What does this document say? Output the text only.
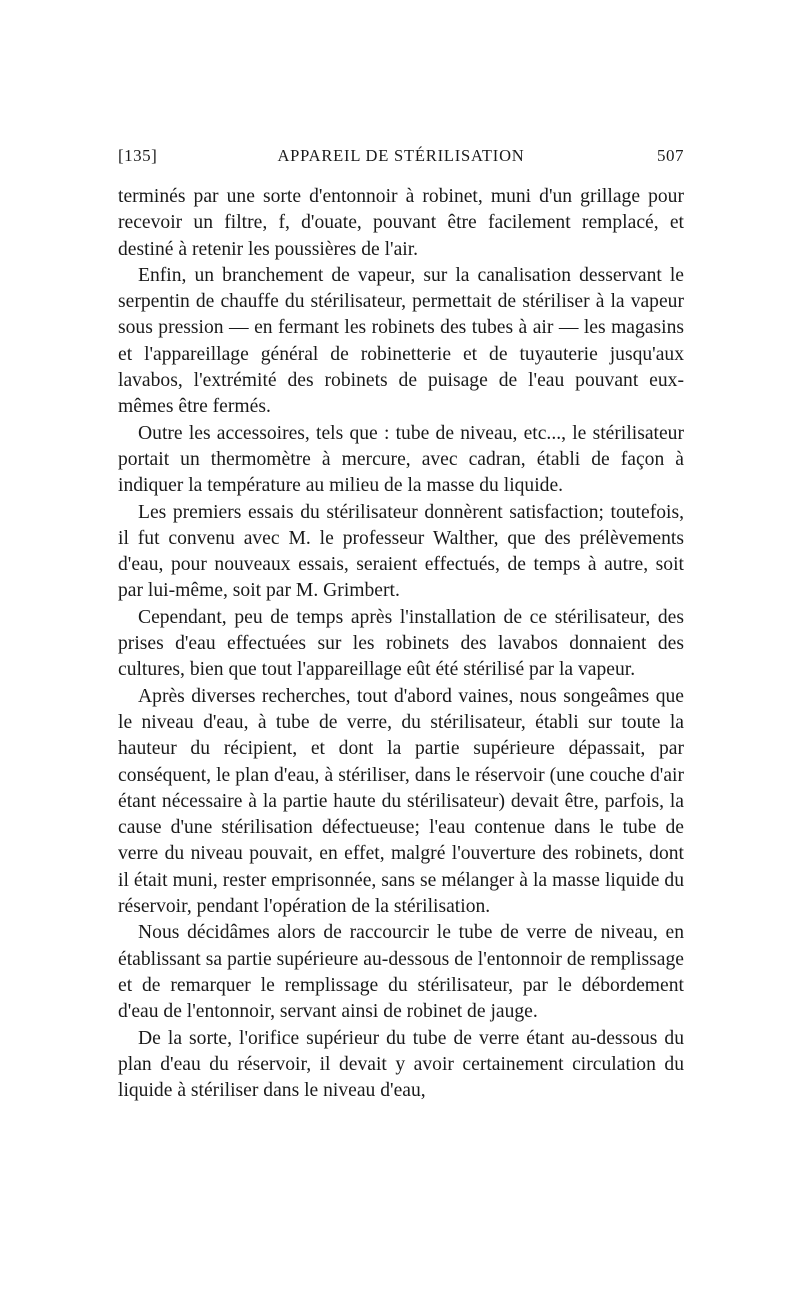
[135]	APPAREIL DE STÉRILISATION	507

terminés par une sorte d'entonnoir à robinet, muni d'un grillage pour recevoir un filtre, f, d'ouate, pouvant être facilement remplacé, et destiné à retenir les poussières de l'air.

Enfin, un branchement de vapeur, sur la canalisation desservant le serpentin de chauffe du stérilisateur, permettait de stériliser à la vapeur sous pression — en fermant les robinets des tubes à air — les magasins et l'appareillage général de robinetterie et de tuyauterie jusqu'aux lavabos, l'extrémité des robinets de puisage de l'eau pouvant eux-mêmes être fermés.

Outre les accessoires, tels que : tube de niveau, etc..., le stérilisateur portait un thermomètre à mercure, avec cadran, établi de façon à indiquer la température au milieu de la masse du liquide.

Les premiers essais du stérilisateur donnèrent satisfaction; toutefois, il fut convenu avec M. le professeur Walther, que des prélèvements d'eau, pour nouveaux essais, seraient effectués, de temps à autre, soit par lui-même, soit par M. Grimbert.

Cependant, peu de temps après l'installation de ce stérilisateur, des prises d'eau effectuées sur les robinets des lavabos donnaient des cultures, bien que tout l'appareillage eût été stérilisé par la vapeur.

Après diverses recherches, tout d'abord vaines, nous songeâmes que le niveau d'eau, à tube de verre, du stérilisateur, établi sur toute la hauteur du récipient, et dont la partie supérieure dépassait, par conséquent, le plan d'eau, à stériliser, dans le réservoir (une couche d'air étant nécessaire à la partie haute du stérilisateur) devait être, parfois, la cause d'une stérilisation défectueuse; l'eau contenue dans le tube de verre du niveau pouvait, en effet, malgré l'ouverture des robinets, dont il était muni, rester emprisonnée, sans se mélanger à la masse liquide du réservoir, pendant l'opération de la stérilisation.

Nous décidâmes alors de raccourcir le tube de verre de niveau, en établissant sa partie supérieure au-dessous de l'entonnoir de remplissage et de remarquer le remplissage du stérilisateur, par le débordement d'eau de l'entonnoir, servant ainsi de robinet de jauge.

De la sorte, l'orifice supérieur du tube de verre étant au-dessous du plan d'eau du réservoir, il devait y avoir certainement circulation du liquide à stériliser dans le niveau d'eau,
